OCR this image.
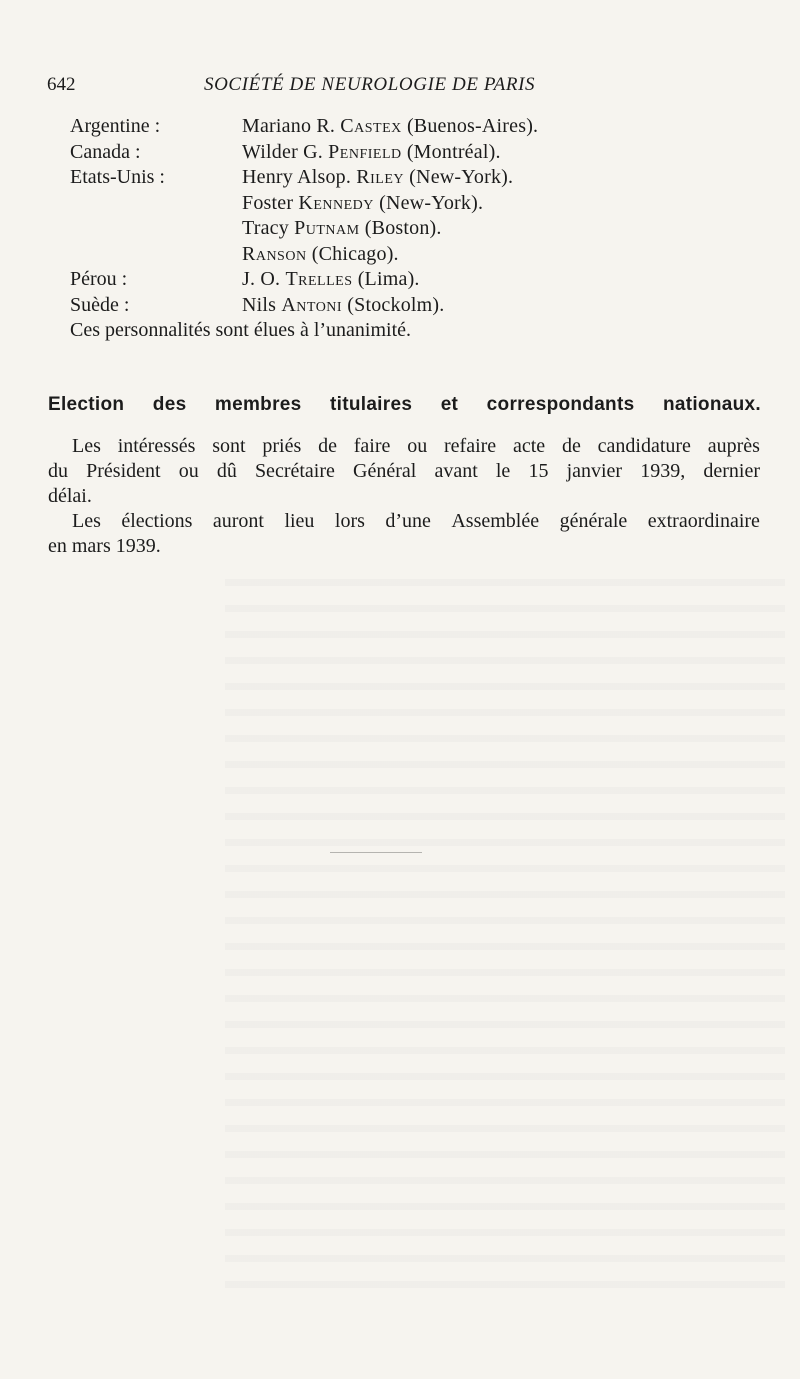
642	SOCIÉTÉ DE NEUROLOGIE DE PARIS
Argentine :	Mariano R. Castex (Buenos-Aires).
Canada :	Wilder G. Penfield (Montréal).
Etats-Unis :	Henry Alsop. Riley (New-York).
Foster Kennedy (New-York).
Tracy Putnam (Boston).
Ranson (Chicago).
Pérou :	J. O. Trelles (Lima).
Suède :	Nils Antoni (Stockolm).
Ces personnalités sont élues à l’unanimité.
Election des membres titulaires et correspondants nationaux.
Les intéressés sont priés de faire ou refaire acte de candidature auprès
du Président ou dû Secrétaire Général avant le 15 janvier 1939, dernier
délai.
Les élections auront lieu lors d’une Assemblée générale extraordinaire
en mars 1939.
